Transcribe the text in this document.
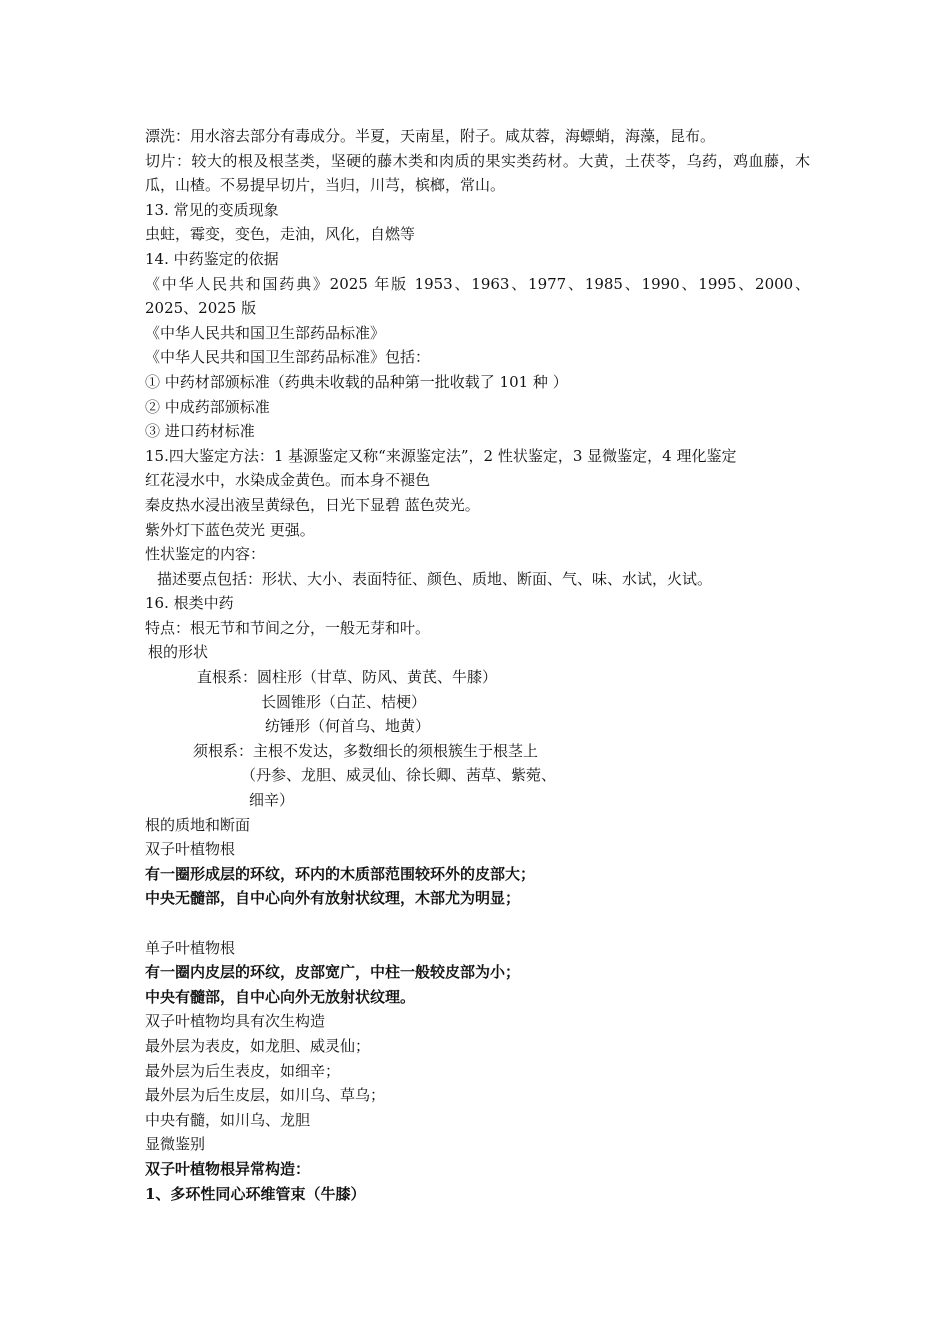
漂洗：用水溶去部分有毒成分。半夏，天南星，附子。咸苁蓉，海螵蛸，海藻，昆布。
切片：较大的根及根茎类，坚硬的藤木类和肉质的果实类药材。大黄，土茯苓，乌药，鸡血藤，木瓜，山楂。不易提早切片，当归，川芎，槟榔，常山。
13. 常见的变质现象
虫蛀，霉变，变色，走油，风化，自燃等
14. 中药鉴定的依据
《中华人民共和国药典》2025 年版 1953、1963、1977、1985、1990、1995、2000、2025、2025 版
《中华人民共和国卫生部药品标准》
《中华人民共和国卫生部药品标准》包括：
① 中药材部颁标准（药典未收载的品种第一批收载了 101 种 ）
② 中成药部颁标准
③ 进口药材标准
15.四大鉴定方法：1 基源鉴定又称“来源鉴定法”，2 性状鉴定，3 显微鉴定，4 理化鉴定
红花浸水中，水染成金黄色。而本身不褪色
秦皮热水浸出液呈黄绿色，日光下显碧 蓝色荧光。
紫外灯下蓝色荧光 更强。
性状鉴定的内容：
描述要点包括：形状、大小、表面特征、颜色、质地、断面、气、味、水试，火试。
16. 根类中药
特点：根无节和节间之分，一般无芽和叶。
根的形状
直根系：圆柱形（甘草、防风、黄芪、牛膝）
长圆锥形（白芷、桔梗）
纺锤形（何首乌、地黄）
须根系：主根不发达，多数细长的须根簇生于根茎上
（丹参、龙胆、威灵仙、徐长卿、茜草、紫菀、
细辛）
根的质地和断面
双子叶植物根
有一圈形成层的环纹，环内的木质部范围较环外的皮部大；
中央无髓部，自中心向外有放射状纹理，木部尤为明显；
单子叶植物根
有一圈内皮层的环纹，皮部宽广，中柱一般较皮部为小；
中央有髓部，自中心向外无放射状纹理。
双子叶植物均具有次生构造
最外层为表皮，如龙胆、威灵仙；
最外层为后生表皮，如细辛；
最外层为后生皮层，如川乌、草乌；
中央有髓，如川乌、龙胆
显微鉴别
双子叶植物根异常构造：
1、多环性同心环维管束（牛膝）
